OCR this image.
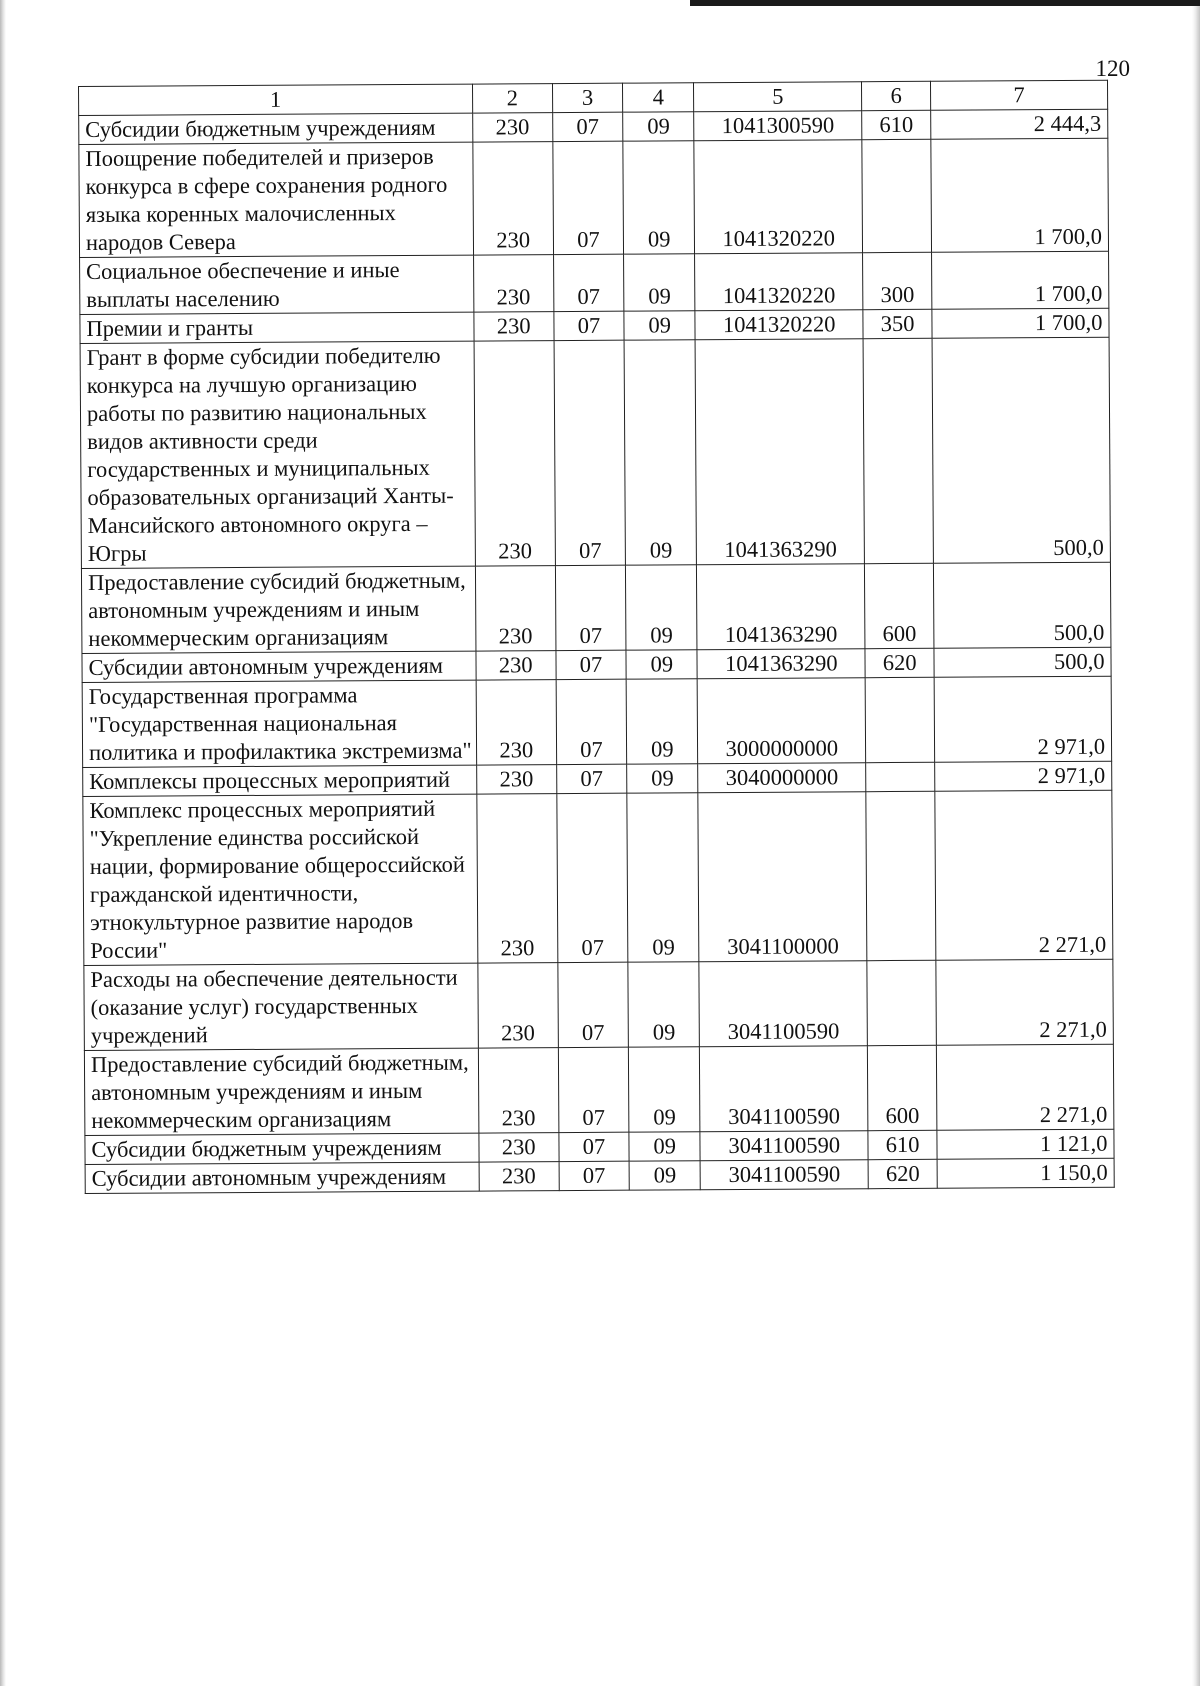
120
1	2	3	4	5	6	7
Субсидии бюджетным учреждениям	230	07	09	1041300590	610	2 444,3
Поощрение победителей и призеров конкурса в сфере сохранения родного языка коренных малочисленных народов Севера	230	07	09	1041320220		1 700,0
Социальное обеспечение и иные выплаты населению	230	07	09	1041320220	300	1 700,0
Премии и гранты	230	07	09	1041320220	350	1 700,0
Грант в форме субсидии победителю конкурса на лучшую организацию работы по развитию национальных видов активности среди государственных и муниципальных образовательных организаций Ханты-Мансийского автономного округа – Югры	230	07	09	1041363290		500,0
Предоставление субсидий бюджетным, автономным учреждениям и иным некоммерческим организациям	230	07	09	1041363290	600	500,0
Субсидии автономным учреждениям	230	07	09	1041363290	620	500,0
Государственная программа "Государственная национальная политика и профилактика экстремизма"	230	07	09	3000000000		2 971,0
Комплексы процессных мероприятий	230	07	09	3040000000		2 971,0
Комплекс процессных мероприятий "Укрепление единства российской нации, формирование общероссийской гражданской идентичности, этнокультурное развитие народов России"	230	07	09	3041100000		2 271,0
Расходы на обеспечение деятельности (оказание услуг) государственных учреждений	230	07	09	3041100590		2 271,0
Предоставление субсидий бюджетным, автономным учреждениям и иным некоммерческим организациям	230	07	09	3041100590	600	2 271,0
Субсидии бюджетным учреждениям	230	07	09	3041100590	610	1 121,0
Субсидии автономным учреждениям	230	07	09	3041100590	620	1 150,0
